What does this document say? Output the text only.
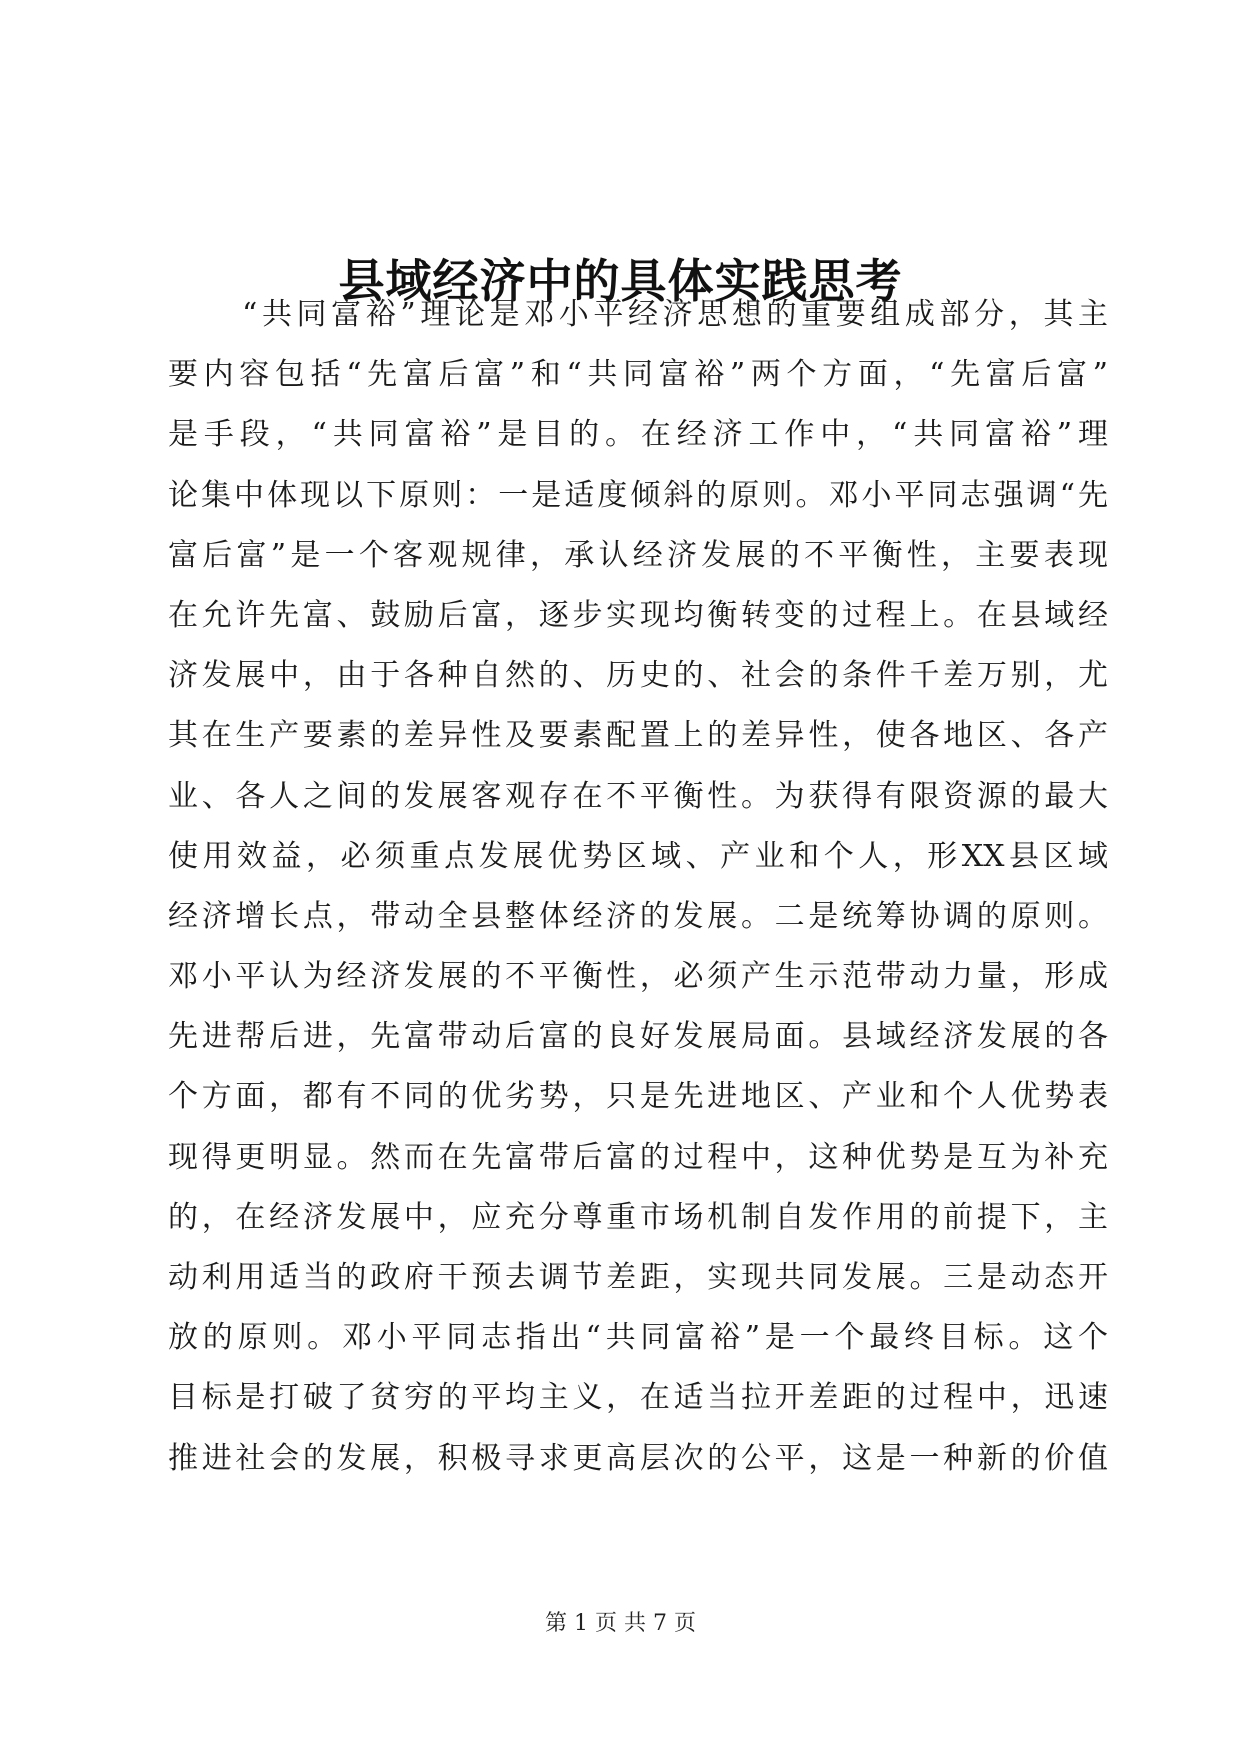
县域经济中的具体实践思考
“共同富裕”理论是邓小平经济思想的重要组成部分，其主
要内容包括“先富后富”和“共同富裕”两个方面，“先富后富”
是手段，“共同富裕”是目的。在经济工作中，“共同富裕”理
论集中体现以下原则：一是适度倾斜的原则。邓小平同志强调“先
富后富”是一个客观规律，承认经济发展的不平衡性，主要表现
在允许先富、鼓励后富，逐步实现均衡转变的过程上。在县域经
济发展中，由于各种自然的、历史的、社会的条件千差万别，尤
其在生产要素的差异性及要素配置上的差异性，使各地区、各产
业、各人之间的发展客观存在不平衡性。为获得有限资源的最大
使用效益，必须重点发展优势区域、产业和个人，形XX县区域
经济增长点，带动全县整体经济的发展。二是统筹协调的原则。
邓小平认为经济发展的不平衡性，必须产生示范带动力量，形成
先进帮后进，先富带动后富的良好发展局面。县域经济发展的各
个方面，都有不同的优劣势，只是先进地区、产业和个人优势表
现得更明显。然而在先富带后富的过程中，这种优势是互为补充
的，在经济发展中，应充分尊重市场机制自发作用的前提下，主
动利用适当的政府干预去调节差距，实现共同发展。三是动态开
放的原则。邓小平同志指出“共同富裕”是一个最终目标。这个
目标是打破了贫穷的平均主义，在适当拉开差距的过程中，迅速
推进社会的发展，积极寻求更高层次的公平，这是一种新的价值
第 1 页 共 7 页
